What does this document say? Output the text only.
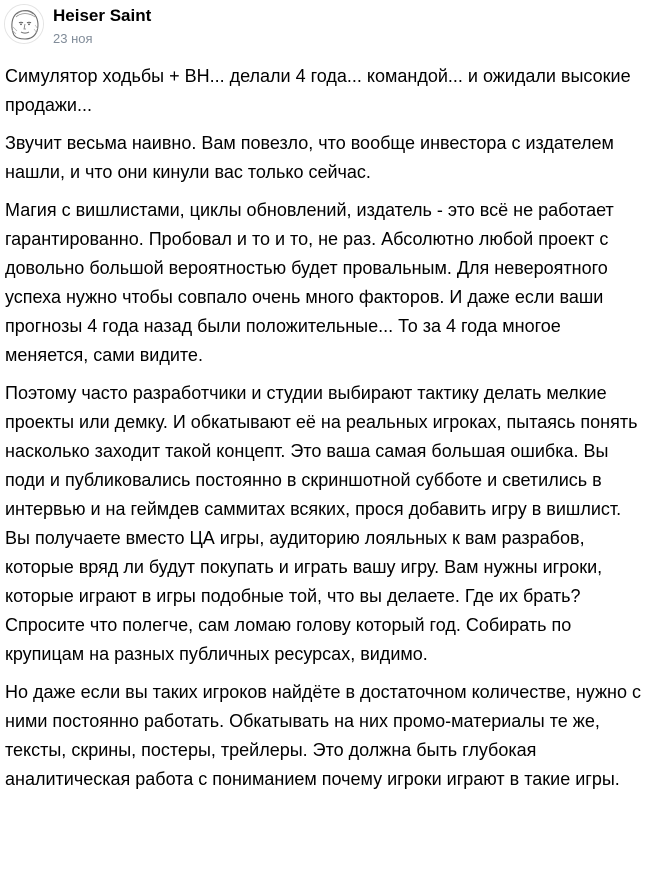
Heiser Saint
23 ноя

Симулятор ходьбы + ВН... делали 4 года... командой... и ожидали высокие продажи...

Звучит весьма наивно. Вам повезло, что вообще инвестора с издателем нашли, и что они кинули вас только сейчас.

Магия с вишлистами, циклы обновлений, издатель - это всё не работает гарантированно. Пробовал и то и то, не раз. Абсолютно любой проект с довольно большой вероятностью будет провальным. Для невероятного успеха нужно чтобы совпало очень много факторов. И даже если ваши прогнозы 4 года назад были положительные... То за 4 года многое меняется, сами видите.

Поэтому часто разработчики и студии выбирают тактику делать мелкие проекты или демку. И обкатывают её на реальных игроках, пытаясь понять насколько заходит такой концепт. Это ваша самая большая ошибка. Вы поди и публиковались постоянно в скриншотной субботе и светились в интервью и на геймдев саммитах всяких, прося добавить игру в вишлист. Вы получаете вместо ЦА игры, аудиторию лояльных к вам разрабов, которые вряд ли будут покупать и играть вашу игру. Вам нужны игроки, которые играют в игры подобные той, что вы делаете. Где их брать? Спросите что полегче, сам ломаю голову который год. Собирать по крупицам на разных публичных ресурсах, видимо.

Но даже если вы таких игроков найдёте в достаточном количестве, нужно с ними постоянно работать. Обкатывать на них промо-материалы те же, тексты, скрины, постеры, трейлеры. Это должна быть глубокая аналитическая работа с пониманием почему игроки играют в такие игры.
